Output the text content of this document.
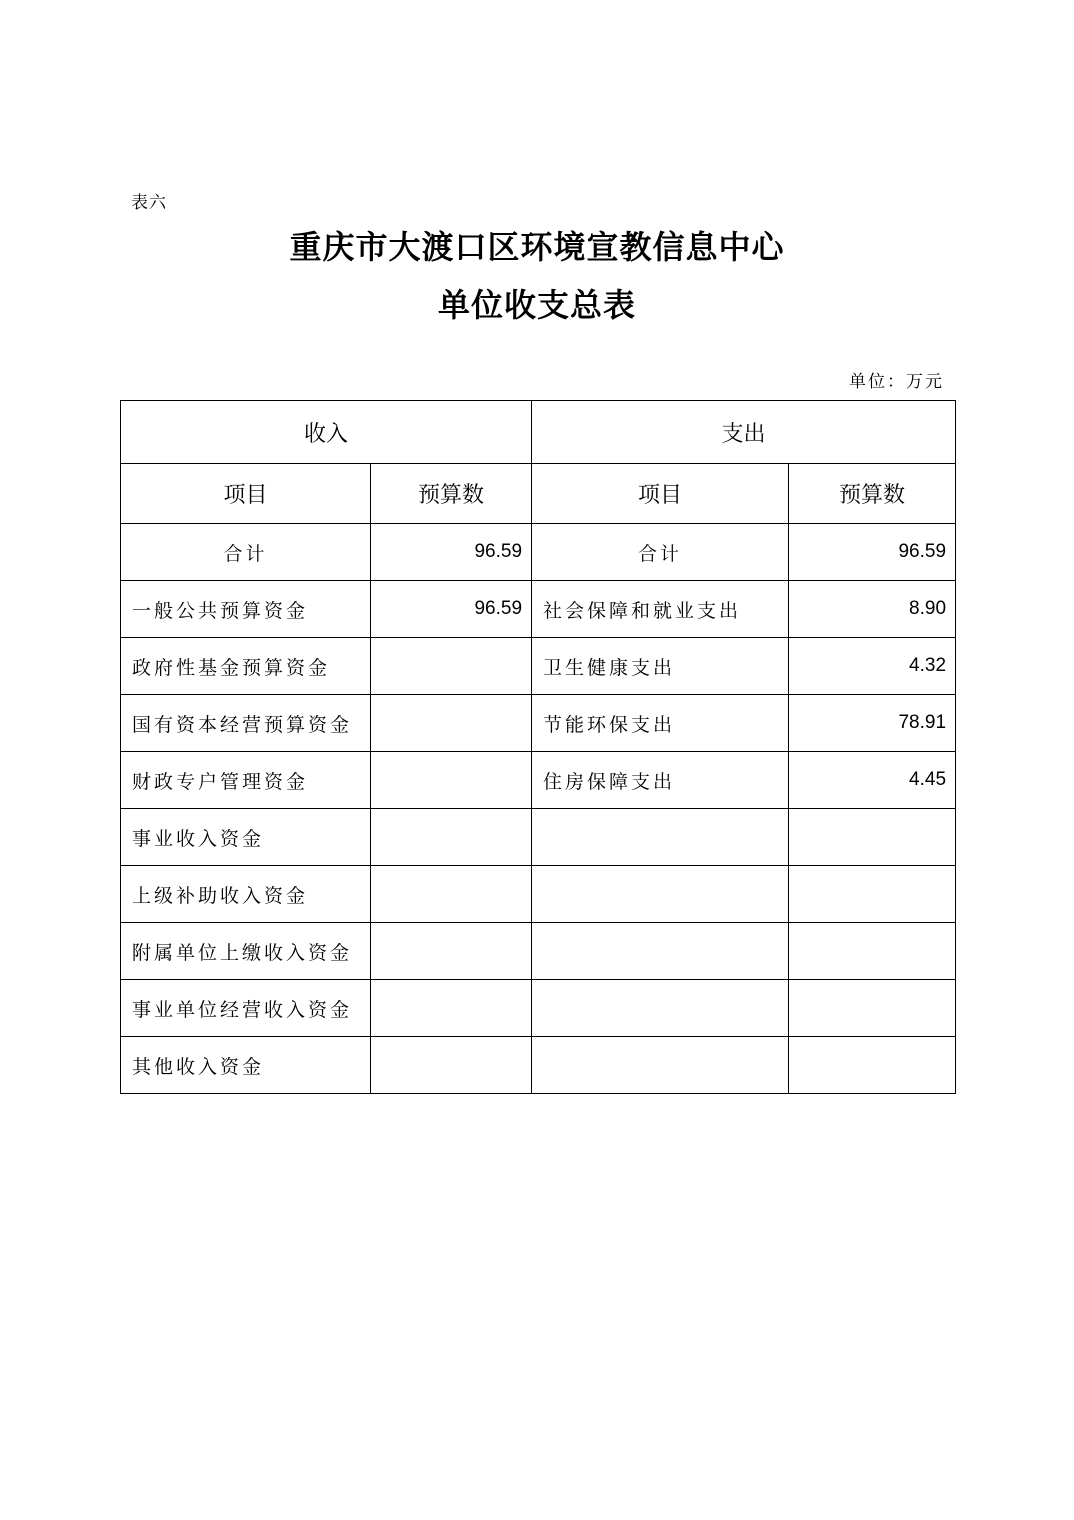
表六
重庆市大渡口区环境宣教信息中心
单位收支总表
单位：万元
收入		支出	
项目	预算数	项目	预算数
合计	96.59	合计	96.59
一般公共预算资金	96.59	社会保障和就业支出	8.90
政府性基金预算资金		卫生健康支出	4.32
国有资本经营预算资金		节能环保支出	78.91
财政专户管理资金		住房保障支出	4.45
事业收入资金			
上级补助收入资金			
附属单位上缴收入资金			
事业单位经营收入资金			
其他收入资金			
